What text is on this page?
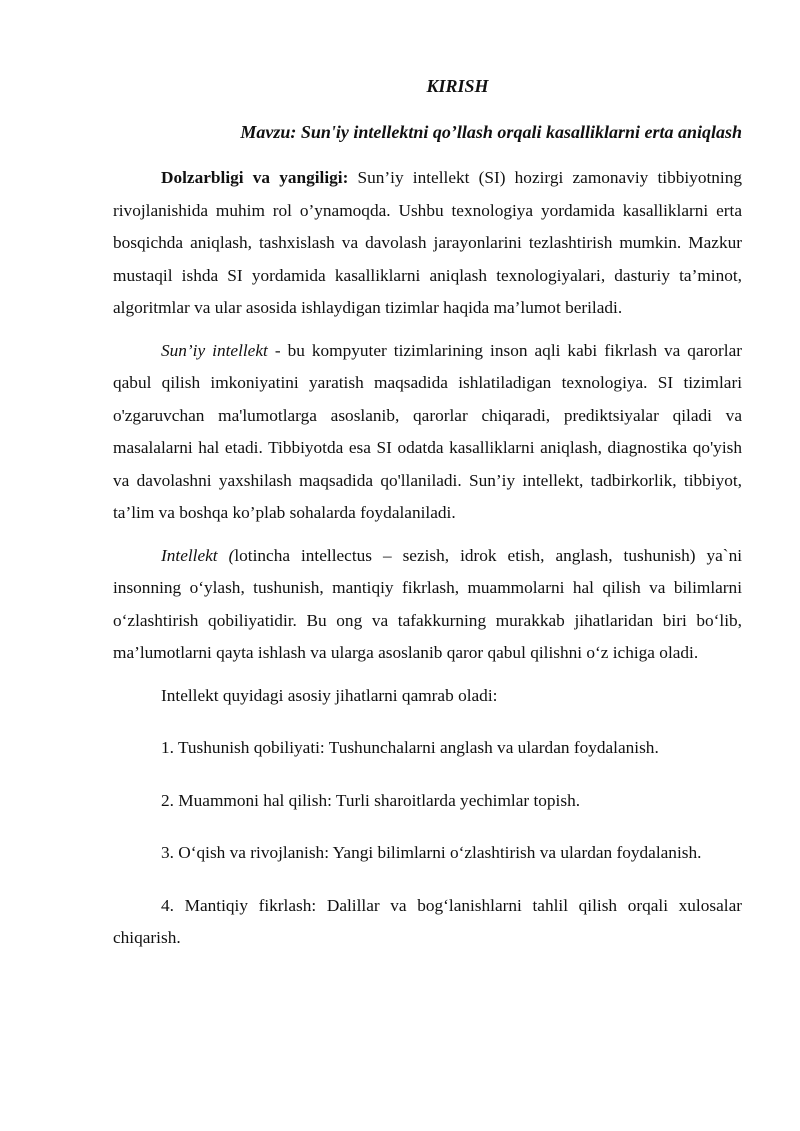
KIRISH
Mavzu: Sun'iy intellektni qo’llash orqali kasalliklarni erta aniqlash

Dolzarbligi va yangiligi: Sun’iy intellekt (SI) hozirgi zamonaviy tibbiyotning rivojlanishida muhim rol o’ynamoqda. Ushbu texnologiya yordamida kasalliklarni erta bosqichda aniqlash, tashxislash va davolash jarayonlarini tezlashtirish mumkin. Mazkur mustaqil ishda SI yordamida kasalliklarni aniqlash texnologiyalari, dasturiy ta’minot, algoritmlar va ular asosida ishlaydigan tizimlar haqida ma’lumot beriladi.

Sun’iy intellekt - bu kompyuter tizimlarining inson aqli kabi fikrlash va qarorlar qabul qilish imkoniyatini yaratish maqsadida ishlatiladigan texnologiya. SI tizimlari o'zgaruvchan ma'lumotlarga asoslanib, qarorlar chiqaradi, prediktsiyalar qiladi va masalalarni hal etadi. Tibbiyotda esa SI odatda kasalliklarni aniqlash, diagnostika qo'yish va davolashni yaxshilash maqsadida qo'llaniladi. Sun’iy intellekt, tadbirkorlik, tibbiyot, ta’lim va boshqa ko’plab sohalarda foydalaniladi.

Intellekt (lotincha intellectus – sezish, idrok etish, anglash, tushunish) ya`ni insonning o‘ylash, tushunish, mantiqiy fikrlash, muammolarni hal qilish va bilimlarni o‘zlashtirish qobiliyatidir. Bu ong va tafakkurning murakkab jihatlaridan biri bo‘lib, ma’lumotlarni qayta ishlash va ularga asoslanib qaror qabul qilishni o‘z ichiga oladi.

Intellekt quyidagi asosiy jihatlarni qamrab oladi:

1. Tushunish qobiliyati: Tushunchalarni anglash va ulardan foydalanish.

2. Muammoni hal qilish: Turli sharoitlarda yechimlar topish.

3. O‘qish va rivojlanish: Yangi bilimlarni o‘zlashtirish va ulardan foydalanish.

4. Mantiqiy fikrlash: Dalillar va bog‘lanishlarni tahlil qilish orqali xulosalar chiqarish.
